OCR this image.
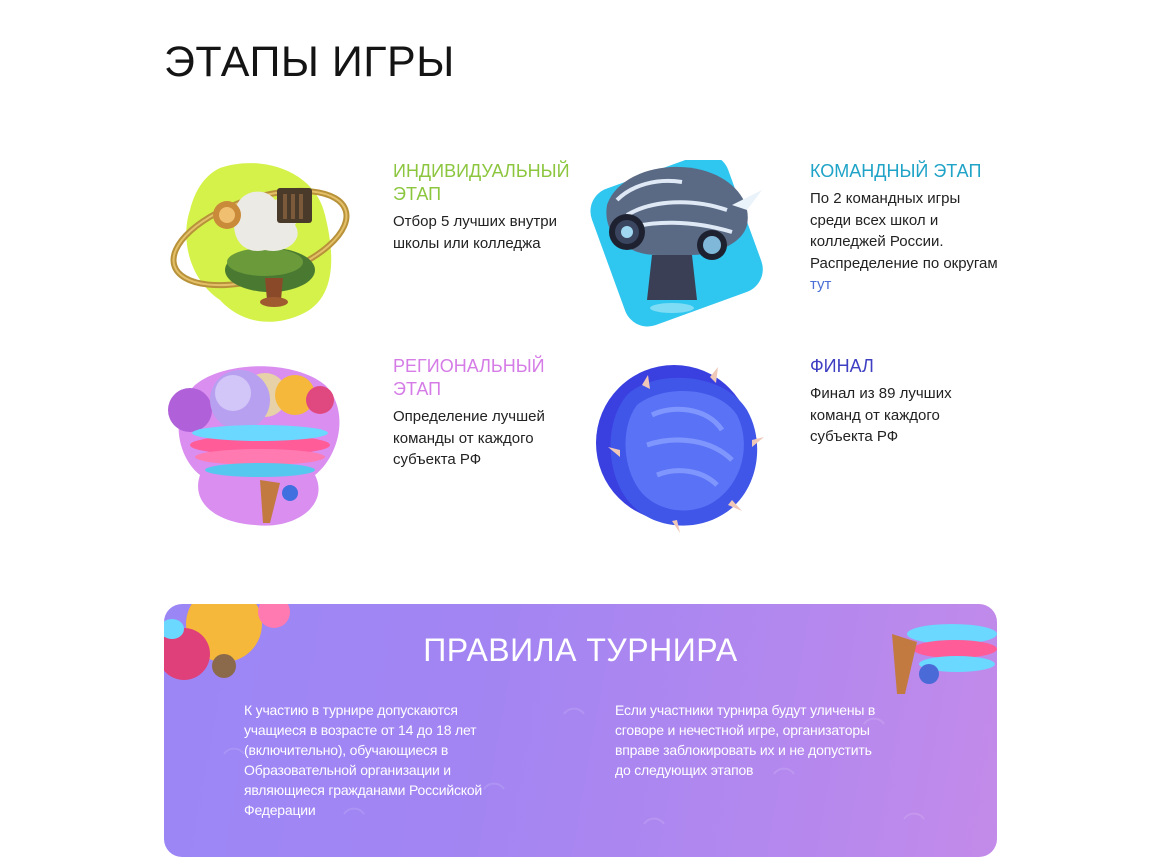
ЭТАПЫ ИГРЫ
ИНДИВИДУАЛЬНЫЙ ЭТАП
Отбор 5 лучших внутри школы или колледжа
КОМАНДНЫЙ ЭТАП
По 2 командных игры среди всех школ и колледжей России. Распределение по округам тут
РЕГИОНАЛЬНЫЙ ЭТАП
Определение лучшей команды от каждого субъекта РФ
ФИНАЛ
Финал из 89 лучших команд от каждого субъекта РФ
ПРАВИЛА ТУРНИРА

К участию в турнире допускаются учащиеся в возрасте от 14 до 18 лет (включительно), обучающиеся в Образовательной организации и являющиеся гражданами Российской Федерации

Если участники турнира будут уличены в сговоре и нечестной игре, организаторы вправе заблокировать их и не допустить до следующих этапов
